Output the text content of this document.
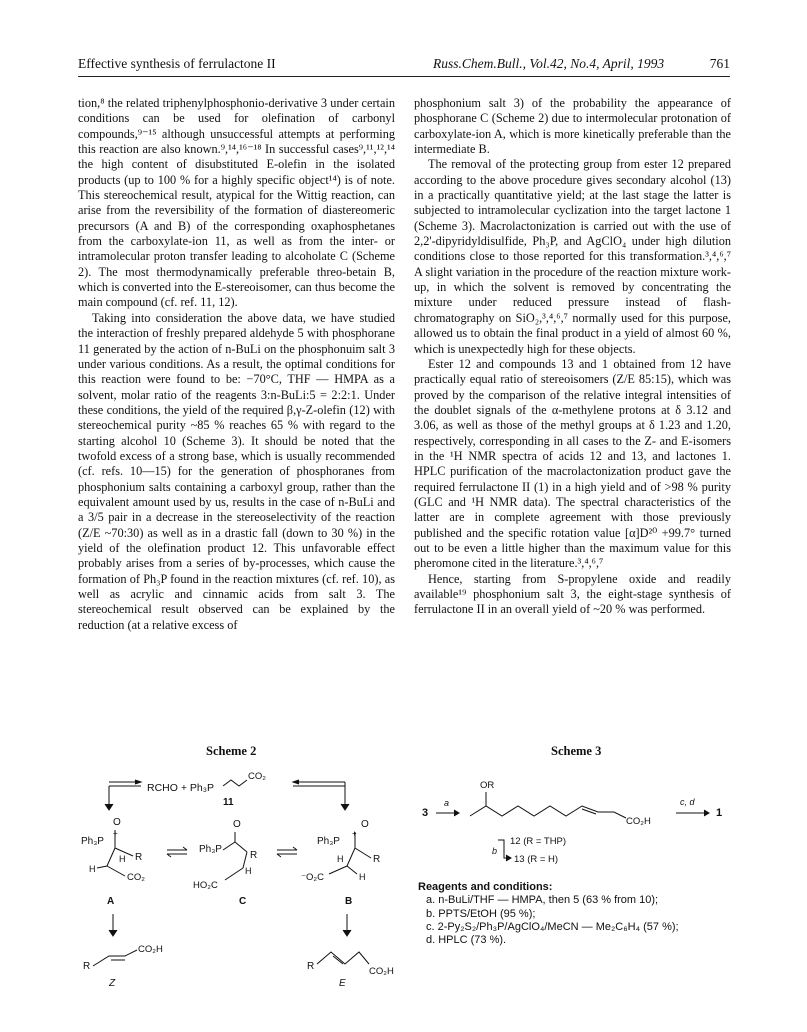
Effective synthesis of ferrulactone II	Russ.Chem.Bull., Vol.42, No.4, April, 1993	761

tion,⁸ the related triphenylphosphonio-derivative 3 under certain conditions can be used for olefination of carbonyl compounds,⁹⁻¹⁵ although unsuccessful attempts at performing this reaction are also known.⁹,¹⁴,¹⁶⁻¹⁸ In successful cases⁹,¹¹,¹²,¹⁴ the high content of disubstituted E-olefin in the isolated products (up to 100 % for a highly specific object¹⁴) is of note. This stereochemical result, atypical for the Wittig reaction, can arise from the reversibility of the formation of diastereomeric precursors (A and B) of the corresponding oxaphosphetanes from the carboxylate-ion 11, as well as from the inter- or intramolecular proton transfer leading to alcoholate C (Scheme 2). The most thermodynamically preferable threo-betain B, which is converted into the E-stereoisomer, can thus become the main compound (cf. ref. 11, 12).

Taking into consideration the above data, we have studied the interaction of freshly prepared aldehyde 5 with phosphorane 11 generated by the action of n-BuLi on the phosphonuim salt 3 under various conditions. As a result, the optimal conditions for this reaction were found to be: −70°C, THF — HMPA as a solvent, molar ratio of the reagents 3:n-BuLi:5 = 2:2:1. Under these conditions, the yield of the required β,γ-Z-olefin (12) with stereochemical purity ~85 % reaches 65 % with regard to the starting alcohol 10 (Scheme 3). It should be noted that the twofold excess of a strong base, which is usually recommended (cf. refs. 10—15) for the generation of phosphoranes from phosphonium salts containing a carboxyl group, rather than the equivalent amount used by us, results in the case of n-BuLi and a 3/5 pair in a decrease in the stereoselectivity of the reaction (Z/E ~70:30) as well as in a drastic fall (down to 30 %) in the yield of the olefination product 12. This unfavorable effect probably arises from a series of by-processes, which cause the formation of Ph₃P found in the reaction mixtures (cf. ref. 10), as well as acrylic and cinnamic acids from salt 3. The stereochemical result observed can be explained by the reduction (at a relative excess of

phosphonium salt 3) of the probability the appearance of phosphorane C (Scheme 2) due to intermolecular protonation of carboxylate-ion A, which is more kinetically preferable than the intermediate B.

The removal of the protecting group from ester 12 prepared according to the above procedure gives secondary alcohol (13) in a practically quantitative yield; at the last stage the latter is subjected to intramolecular cyclization into the target lactone 1 (Scheme 3). Macrolactonization is carried out with the use of 2,2'-dipyridyldisulfide, Ph₃P, and AgClO₄ under high dilution conditions close to those reported for this transformation.³,⁴,⁶,⁷ A slight variation in the procedure of the reaction mixture work-up, in which the solvent is removed by concentrating the mixture under reduced pressure instead of flash-chromatography on SiO₂,³,⁴,⁶,⁷ normally used for this purpose, allowed us to obtain the final product in a yield of almost 60 %, which is unexpectedly high for these objects.

Ester 12 and compounds 13 and 1 obtained from 12 have practically equal ratio of stereoisomers (Z/E 85:15), which was proved by the comparison of the relative integral intensities of the doublet signals of the α-methylene protons at δ 3.12 and 3.06, as well as those of the methyl groups at δ 1.23 and 1.20, respectively, corresponding in all cases to the Z- and E-isomers in the ¹H NMR spectra of acids 12 and 13, and lactones 1. HPLC purification of the macrolactonization product gave the required ferrulactone II (1) in a high yield and of >98 % purity (GLC and ¹H NMR data). The spectral characteristics of the latter are in complete agreement with those previously published and the specific rotation value [α]D²⁰ +99.7° turned out to be even a little higher than the maximum value for this pheromone cited in the literature.³,⁴,⁶,⁷

Hence, starting from S-propylene oxide and readily available¹⁹ phosphonium salt 3, the eight-stage synthesis of ferrulactone II in an overall yield of ~20 % was performed.

Scheme 2	Scheme 3
RCHO + Ph₃P
CO₂
11
O
Ph₃P
+
R
H
H
CO₂
A
O
Ph₃P
R
H
HO₂C
C
O
Ph₃P
+
R
H
H
⁻O₂C
B
R
CO₂H
Z
R	CO₂H
E
3
a
OR
CO₂H
c, d
1
b
12 (R = THP)
13 (R = H)
Reagents and conditions:
a. n-BuLi/THF — HMPA, then 5 (63 % from 10);
b. PPTS/EtOH (95 %);
c. 2-Py₂S₂/Ph₃P/AgClO₄/MeCN — Me₂C₆H₄ (57 %);
d. HPLC (73 %).
